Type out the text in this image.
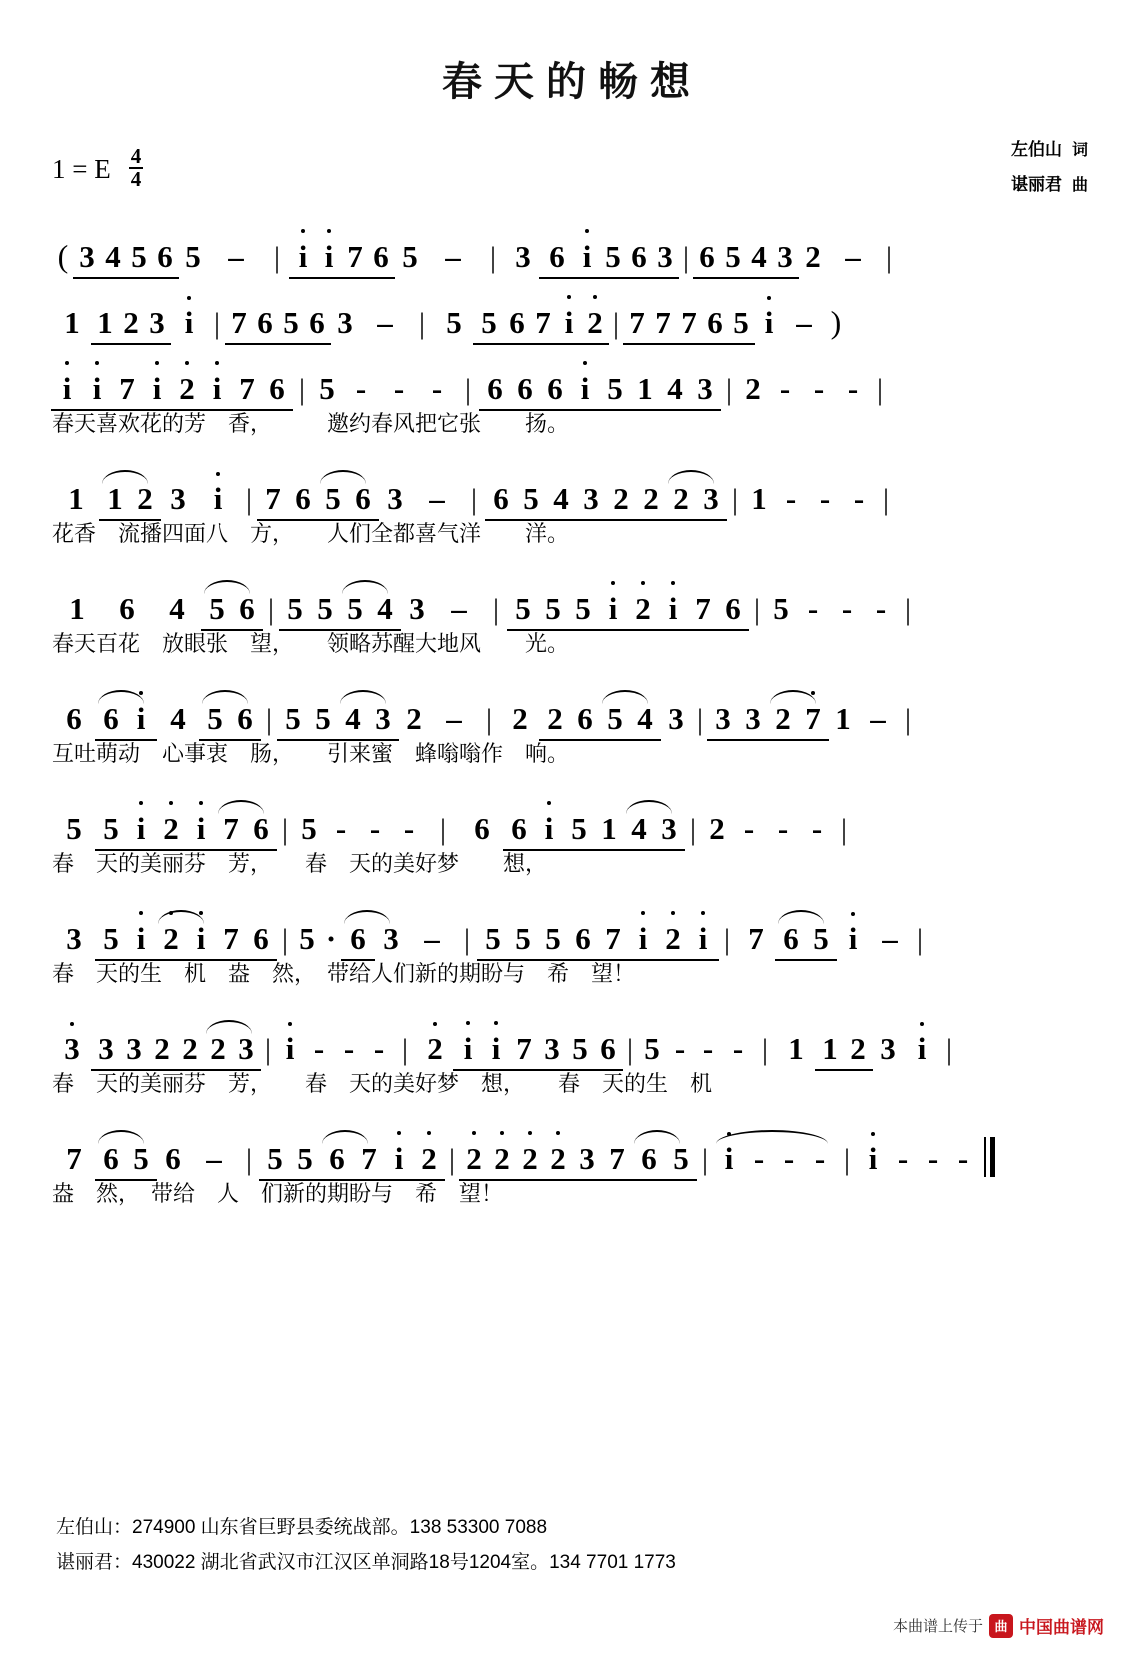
春天的畅想
1 = E $\frac{4}{4}$	左伯山 词
谌丽君 曲
( 3 4 5 6 5 –	| i i 7 6 5 – | 3 6 i 5 6 3 | 6 5 4 3 2 – |
1 1 2 3 i | 7 6 5 6 3 – | 5 5 6 7 i 2 | 7 7 7 6 5 i – )
i i 7 i 2 i 7 6 | 5 - - - | 6 6 6 i 5 1 4 3 | 2 - - - |
春天喜欢花的芳　香，　　　邀约春风把它张　　扬。
1 1 2 3 i | 7 6 5 6 3 – | 6 5 4 3 2 2 2 3 | 1 - - - |
花香　流播四面八　方，　　人们全都喜气洋　　洋。
1	6	4 5 6 | 5 5 5 4 3 – | 5 5 5 i 2 i 7 6 | 5 - - - |
春天百花　放眼张　望，　　领略苏醒大地风　　光。
6 6 i 4 5 6 | 5 5 4 3 2 – | 2 2 6 5 4 3 | 3 3 2 7 1 – |
互吐萌动　心事衷　肠，　　引来蜜　蜂嗡嗡作　响。
5 5 i 2 i 7 6 | 5 - - - | 6 6 i 5 1 4 3 | 2 - - - |
春　天的美丽芬　芳，　　春　天的美好梦　　想，
3 5 i 2 i 7 6 | 5 · 6 3 – | 5 5 5 6 7 i 2 i | 7 6 5 i – |
春　天的生　机　盎　然，　带给人们新的期盼与　希　望！
3 3 3 2 2 2 3 | i - - - | 2 i i 7 3 5 6 | 5 - - - | 1 1 2 3 i |
春　天的美丽芬　芳，　　春　天的美好梦　想，　　春　天的生　机
7 6 5 6 – | 5 5 6 7 i 2 | 2 2 2 2 3 7 6 5 | i - - - | i - - -
盎　然，　带给　人　们新的期盼与　希　望！
左伯山：274900 山东省巨野县委统战部。138 53300 7088
谌丽君：430022 湖北省武汉市江汉区单洞路18号1204室。134 7701 1773
本曲谱上传于 曲 中国曲谱网
